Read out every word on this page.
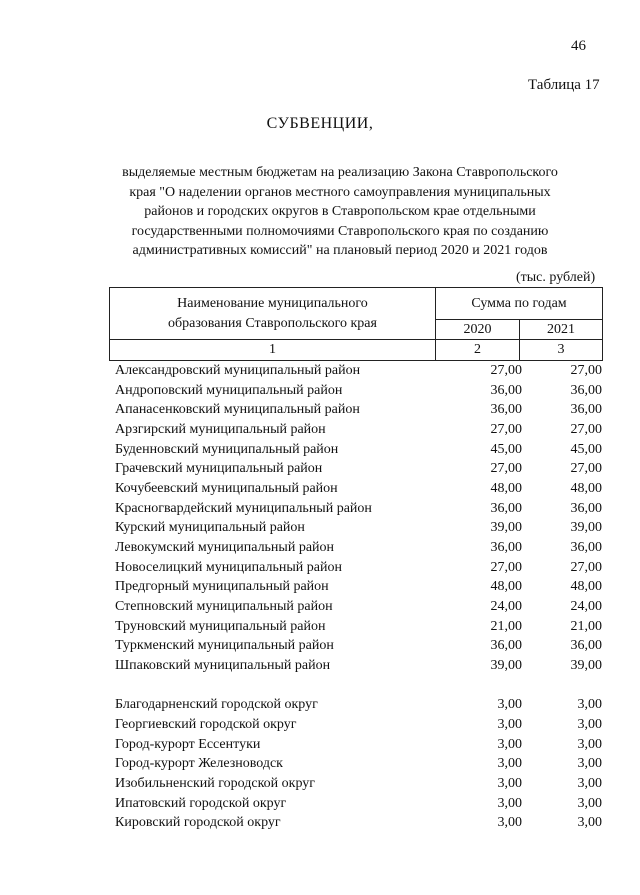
46
Таблица 17
СУБВЕНЦИИ,
выделяемые местным бюджетам на реализацию Закона Ставропольского
края "О наделении органов местного самоуправления муниципальных
районов и городских округов в Ставропольском крае отдельными
государственными полномочиями Ставропольского края по созданию
административных комиссий" на плановый период 2020 и 2021 годов
(тыс. рублей)
Наименование муниципального
образования Ставропольского края
Сумма по годам
2020	2021
1	2	3
Александровский муниципальный район	27,00	27,00
Андроповский муниципальный район	36,00	36,00
Апанасенковский муниципальный район	36,00	36,00
Арзгирский муниципальный район	27,00	27,00
Буденновский муниципальный район	45,00	45,00
Грачевский муниципальный район	27,00	27,00
Кочубеевский муниципальный район	48,00	48,00
Красногвардейский муниципальный район	36,00	36,00
Курский муниципальный район	39,00	39,00
Левокумский муниципальный район	36,00	36,00
Новоселицкий муниципальный район	27,00	27,00
Предгорный муниципальный район	48,00	48,00
Степновский муниципальный район	24,00	24,00
Труновский муниципальный район	21,00	21,00
Туркменский муниципальный район	36,00	36,00
Шпаковский муниципальный район	39,00	39,00
Благодарненский городской округ	3,00	3,00
Георгиевский городской округ	3,00	3,00
Город-курорт Ессентуки	3,00	3,00
Город-курорт Железноводск	3,00	3,00
Изобильненский городской округ	3,00	3,00
Ипатовский городской округ	3,00	3,00
Кировский городской округ	3,00	3,00
